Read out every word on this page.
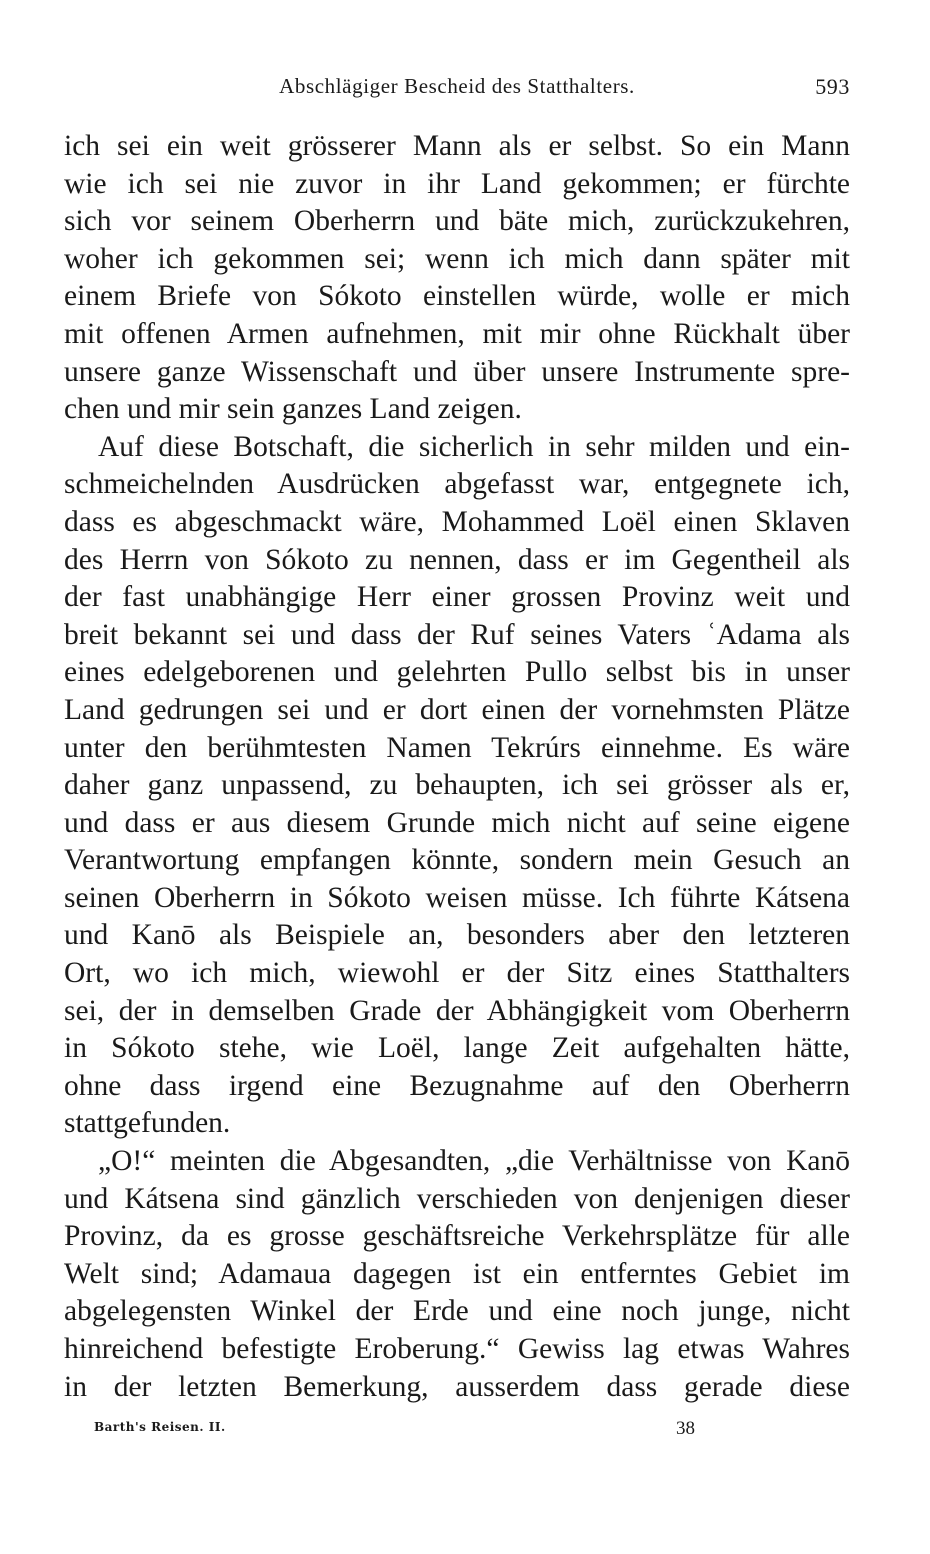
Abschlägiger Bescheid des Statthalters.	593
ich sei ein weit grösserer Mann als er selbst. So ein Mann
wie ich sei nie zuvor in ihr Land gekommen; er fürchte
sich vor seinem Oberherrn und bäte mich, zurückzukehren,
woher ich gekommen sei; wenn ich mich dann später mit
einem Briefe von Sókoto einstellen würde, wolle er mich
mit offenen Armen aufnehmen, mit mir ohne Rückhalt über
unsere ganze Wissenschaft und über unsere Instrumente spre-
chen und mir sein ganzes Land zeigen.
Auf diese Botschaft, die sicherlich in sehr milden und ein-
schmeichelnden Ausdrücken abgefasst war, entgegnete ich,
dass es abgeschmackt wäre, Mohammed Loël einen Sklaven
des Herrn von Sókoto zu nennen, dass er im Gegentheil als
der fast unabhängige Herr einer grossen Provinz weit und
breit bekannt sei und dass der Ruf seines Vaters ʿAdama als
eines edelgeborenen und gelehrten Pullo selbst bis in unser
Land gedrungen sei und er dort einen der vornehmsten Plätze
unter den berühmtesten Namen Tekrúrs einnehme. Es wäre
daher ganz unpassend, zu behaupten, ich sei grösser als er,
und dass er aus diesem Grunde mich nicht auf seine eigene
Verantwortung empfangen könnte, sondern mein Gesuch an
seinen Oberherrn in Sókoto weisen müsse. Ich führte Kátsena
und Kanō als Beispiele an, besonders aber den letzteren
Ort, wo ich mich, wiewohl er der Sitz eines Statthalters
sei, der in demselben Grade der Abhängigkeit vom Oberherrn
in Sókoto stehe, wie Loël, lange Zeit aufgehalten hätte,
ohne dass irgend eine Bezugnahme auf den Oberherrn
stattgefunden.
„O!“ meinten die Abgesandten, „die Verhältnisse von Kanō
und Kátsena sind gänzlich verschieden von denjenigen dieser
Provinz, da es grosse geschäftsreiche Verkehrsplätze für alle
Welt sind; Adamaua dagegen ist ein entferntes Gebiet im
abgelegensten Winkel der Erde und eine noch junge, nicht
hinreichend befestigte Eroberung.“ Gewiss lag etwas Wahres
in der letzten Bemerkung, ausserdem dass gerade diese
Barth's Reisen. II.	38
